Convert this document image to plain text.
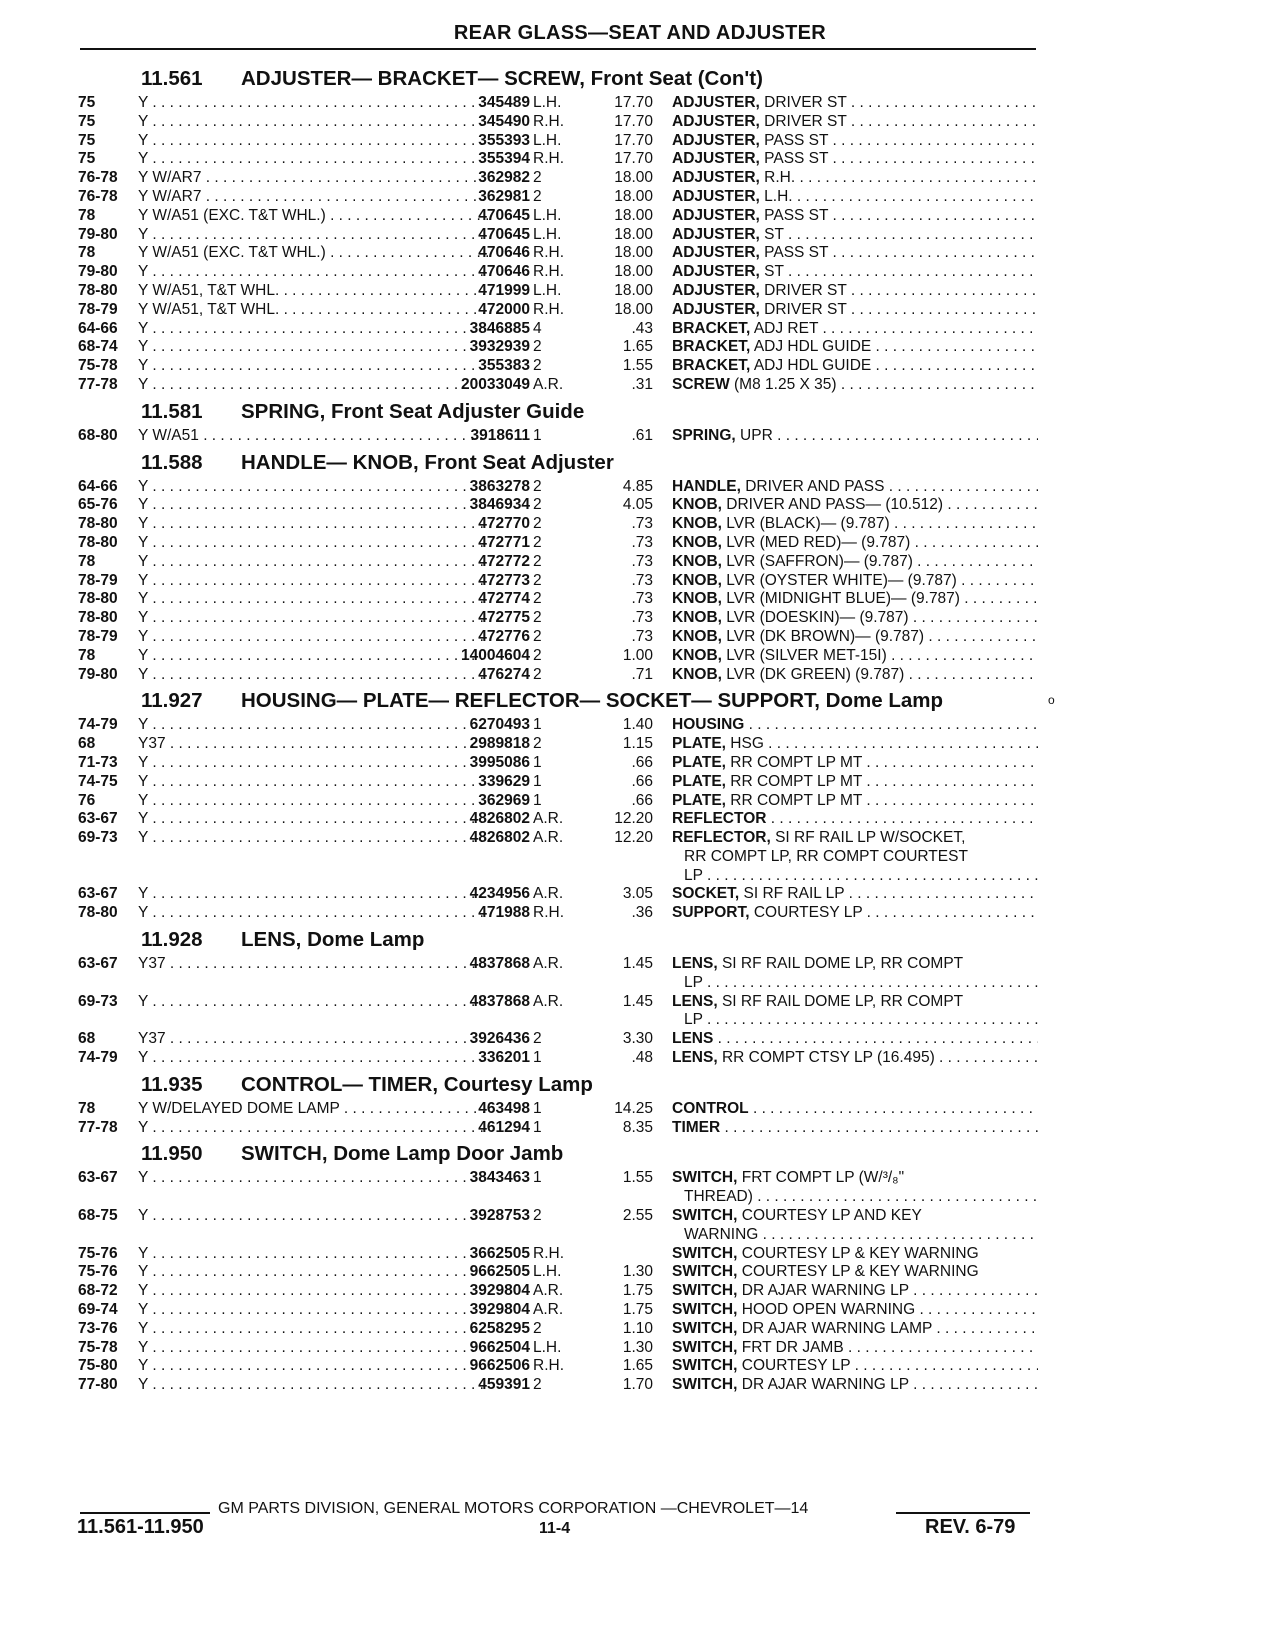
REAR GLASS—SEAT AND ADJUSTER
11.561 ADJUSTER— BRACKET— SCREW, Front Seat (Con't)
75	Y . . .	345489 L.H.	17.70 ADJUSTER, DRIVER ST . . .
75	Y . . .	345490 R.H.	17.70 ADJUSTER, DRIVER ST . . .
75	Y . . .	355393 L.H.	17.70 ADJUSTER, PASS ST . . .
75	Y . . .	355394 R.H.	17.70 ADJUSTER, PASS ST . . .
76-78 Y W/AR7 . . .	362982 2	18.00 ADJUSTER, R.H. . . .
76-78 Y W/AR7 . . .	362981 2	18.00 ADJUSTER, L.H. . . .
78	Y W/A51 (EXC. T&T WHL.) . . .	470645 L.H.	18.00 ADJUSTER, PASS ST . . .
79-80 Y . . .	470645 L.H.	18.00 ADJUSTER, ST . . .
78	Y W/A51 (EXC. T&T WHL.) . . .	470646 R.H.	18.00 ADJUSTER, PASS ST . . .
79-80 Y . . .	470646 R.H.	18.00 ADJUSTER, ST . . .
78-80 Y W/A51, T&T WHL. . . .	471999 L.H.	18.00 ADJUSTER, DRIVER ST . . .
78-79 Y W/A51, T&T WHL. . . .	472000 R.H.	18.00 ADJUSTER, DRIVER ST . . .
64-66 Y . . .	3846885 4	.43 BRACKET, ADJ RET . . .
68-74 Y . . .	3932939 2	1.65 BRACKET, ADJ HDL GUIDE . . .
75-78 Y . . .	355383 2	1.55 BRACKET, ADJ HDL GUIDE . . .
77-78 Y . . .	20033049 A.R.	.31 SCREW (M8 1.25 X 35) . . .
11.581 SPRING, Front Seat Adjuster Guide
68-80 Y W/A51 . . .	3918611 1	.61 SPRING, UPR . . .
11.588 HANDLE— KNOB, Front Seat Adjuster
64-66 Y . . .	3863278 2	4.85 HANDLE, DRIVER AND PASS . . .
65-76 Y . . .	3846934 2	4.05 KNOB, DRIVER AND PASS— (10.512) . . .
78-80 Y . . .	472770 2	.73 KNOB, LVR (BLACK)— (9.787) . . .
78-80 Y . . .	472771 2	.73 KNOB, LVR (MED RED)— (9.787) . . .
78	Y . . .	472772 2	.73 KNOB, LVR (SAFFRON)— (9.787) . . .
78-79 Y . . .	472773 2	.73 KNOB, LVR (OYSTER WHITE)— (9.787) . . .
78-80 Y . . .	472774 2	.73 KNOB, LVR (MIDNIGHT BLUE)— (9.787) . . .
78-80 Y . . .	472775 2	.73 KNOB, LVR (DOESKIN)— (9.787) . . .
78-79 Y . . .	472776 2	.73 KNOB, LVR (DK BROWN)— (9.787) . . .
78	Y . . .	14004604 2	1.00 KNOB, LVR (SILVER MET-15I) . . .
79-80 Y . . .	476274 2	.71 KNOB, LVR (DK GREEN) (9.787) . . .
11.927 HOUSING— PLATE— REFLECTOR— SOCKET— SUPPORT, Dome Lamp
74-79 Y . . .	6270493 1	1.40 HOUSING . . .
68	Y37 . . .	2989818 2	1.15 PLATE, HSG . . .
71-73 Y . . .	3995086 1	.66 PLATE, RR COMPT LP MT . . .
74-75 Y . . .	339629 1	.66 PLATE, RR COMPT LP MT . . .
76	Y . . .	362969 1	.66 PLATE, RR COMPT LP MT . . .
63-67 Y . . .	4826802 A.R.	12.20 REFLECTOR . . .
69-73 Y . . .	4826802 A.R.	12.20 REFLECTOR, SI RF RAIL LP W/SOCKET,
RR COMPT LP, RR COMPT COURTEST
LP . . .
63-67 Y . . .	4234956 A.R.	3.05 SOCKET, SI RF RAIL LP . . .
78-80 Y . . .	471988 R.H.	.36 SUPPORT, COURTESY LP . . .
11.928 LENS, Dome Lamp
63-67 Y37 . . .	4837868 A.R.	1.45 LENS, SI RF RAIL DOME LP, RR COMPT
LP . . .
69-73 Y . . .	4837868 A.R.	1.45 LENS, SI RF RAIL DOME LP, RR COMPT
LP . . .
68	Y37 . . .	3926436 2	3.30 LENS . . .
74-79 Y . . .	336201 1	.48 LENS, RR COMPT CTSY LP (16.495) . . .
11.935 CONTROL— TIMER, Courtesy Lamp
78	Y W/DELAYED DOME LAMP . . .	463498 1	14.25 CONTROL . . .
77-78 Y . . .	461294 1	8.35 TIMER . . .
11.950 SWITCH, Dome Lamp Door Jamb
63-67 Y . . .	3843463 1	1.55 SWITCH, FRT COMPT LP (W/³/₈"
THREAD) . . .
68-75 Y . . .	3928753 2	2.55 SWITCH, COURTESY LP AND KEY
WARNING . . .
75-76 Y . . .	3662505 R.H.	SWITCH, COURTESY LP & KEY WARNING
75-76 Y . . .	9662505 L.H.	1.30 SWITCH, COURTESY LP & KEY WARNING
68-72 Y . . .	3929804 A.R.	1.75 SWITCH, DR AJAR WARNING LP . . .
69-74 Y . . .	3929804 A.R.	1.75 SWITCH, HOOD OPEN WARNING . . .
73-76 Y . . .	6258295 2	1.10 SWITCH, DR AJAR WARNING LAMP . . .
75-78 Y . . .	9662504 L.H.	1.30 SWITCH, FRT DR JAMB . . .
75-80 Y . . .	9662506 R.H.	1.65 SWITCH, COURTESY LP . . .
77-80 Y . . .	459391 2	1.70 SWITCH, DR AJAR WARNING LP . . .
o
GM PARTS DIVISION, GENERAL MOTORS CORPORATION —CHEVROLET—14
11.561-11.950	11-4	REV. 6-79
